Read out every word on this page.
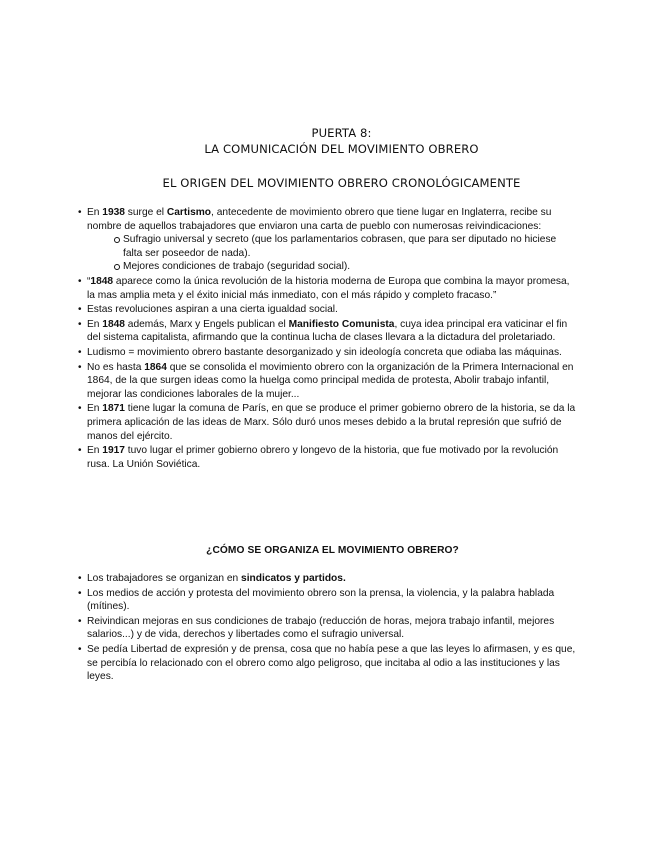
PUERTA 8:
LA COMUNICACIÓN DEL MOVIMIENTO OBRERO
EL ORIGEN DEL MOVIMIENTO OBRERO CRONOLÓGICAMENTE
• En 1938 surge el Cartismo, antecedente de movimiento obrero que tiene lugar en Inglaterra, recibe su nombre de aquellos trabajadores que enviaron una carta de pueblo con numerosas reivindicaciones:
Sufragio universal y secreto (que los parlamentarios cobrasen, que para ser diputado no hiciese falta ser poseedor de nada).
Mejores condiciones de trabajo (seguridad social).
• “1848 aparece como la única revolución de la historia moderna de Europa que combina la mayor promesa, la mas amplia meta y el éxito inicial más inmediato, con el más rápido y completo fracaso.”
• Estas revoluciones aspiran a una cierta igualdad social.
• En 1848 además, Marx y Engels publican el Manifiesto Comunista, cuya idea principal era vaticinar el fin del sistema capitalista, afirmando que la continua lucha de clases llevara a la dictadura del proletariado.
• Ludismo = movimiento obrero bastante desorganizado y sin ideología concreta que odiaba las máquinas.
• No es hasta 1864 que se consolida el movimiento obrero con la organización de la Primera Internacional en 1864, de la que surgen ideas como la huelga como principal medida de protesta, Abolir trabajo infantil, mejorar las condiciones laborales de la mujer...
• En 1871 tiene lugar la comuna de París, en que se produce el primer gobierno obrero de la historia, se da la primera aplicación de las ideas de Marx. Sólo duró unos meses debido a la brutal represión que sufrió de manos del ejército.
• En 1917 tuvo lugar el primer gobierno obrero y longevo de la historia, que fue motivado por la revolución rusa. La Unión Soviética.
¿CÓMO SE ORGANIZA EL MOVIMIENTO OBRERO?
• Los trabajadores se organizan en sindicatos y partidos.
• Los medios de acción y protesta del movimiento obrero son la prensa, la violencia, y la palabra hablada (mítines).
• Reivindican mejoras en sus condiciones de trabajo (reducción de horas, mejora trabajo infantil, mejores salarios...) y de vida, derechos y libertades como el sufragio universal.
• Se pedía Libertad de expresión y de prensa, cosa que no había pese a que las leyes lo afirmasen, y es que, se percibía lo relacionado con el obrero como algo peligroso, que incitaba al odio a las instituciones y las leyes.
